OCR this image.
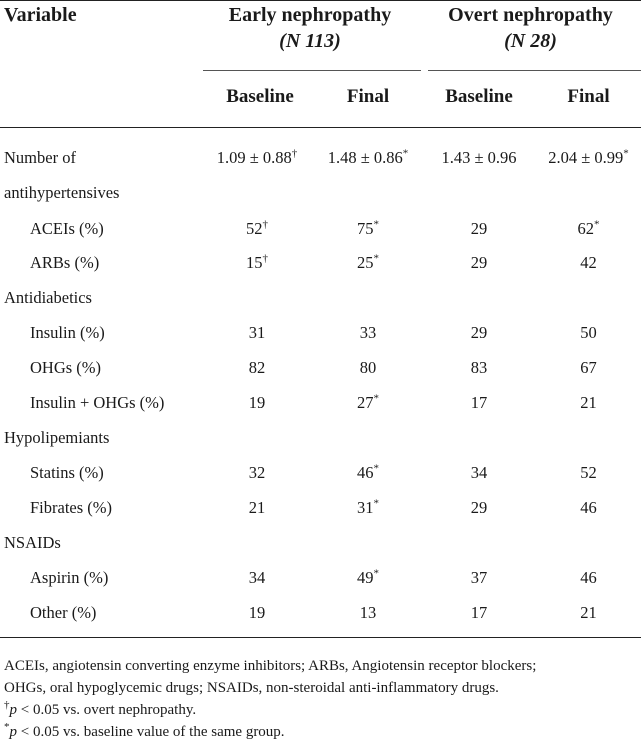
Variable	Early nephropathy
(N 113)
Overt nephropathy
(N 28)
Baseline	Final	Baseline	Final
Number of
antihypertensives
1.09 ± 0.88†	1.48 ± 0.86*	1.43 ± 0.96	2.04 ± 0.99*
ACEIs (%)	52†	75*	29	62*
ARBs (%)	15†	25*	29	42
Antidiabetics
Insulin (%)	31	33	29	50
OHGs (%)	82	80	83	67
Insulin + OHGs (%)	19	27*	17	21
Hypolipemiants
Statins (%)	32	46*	34	52
Fibrates (%)	21	31*	29	46
NSAIDs
Aspirin (%)	34	49*	37	46
Other (%)	19	13	17	21
ACEIs, angiotensin converting enzyme inhibitors; ARBs, Angiotensin receptor blockers;
OHGs, oral hypoglycemic drugs; NSAIDs, non-steroidal anti-inflammatory drugs.
†p < 0.05 vs. overt nephropathy.
*p < 0.05 vs. baseline value of the same group.
